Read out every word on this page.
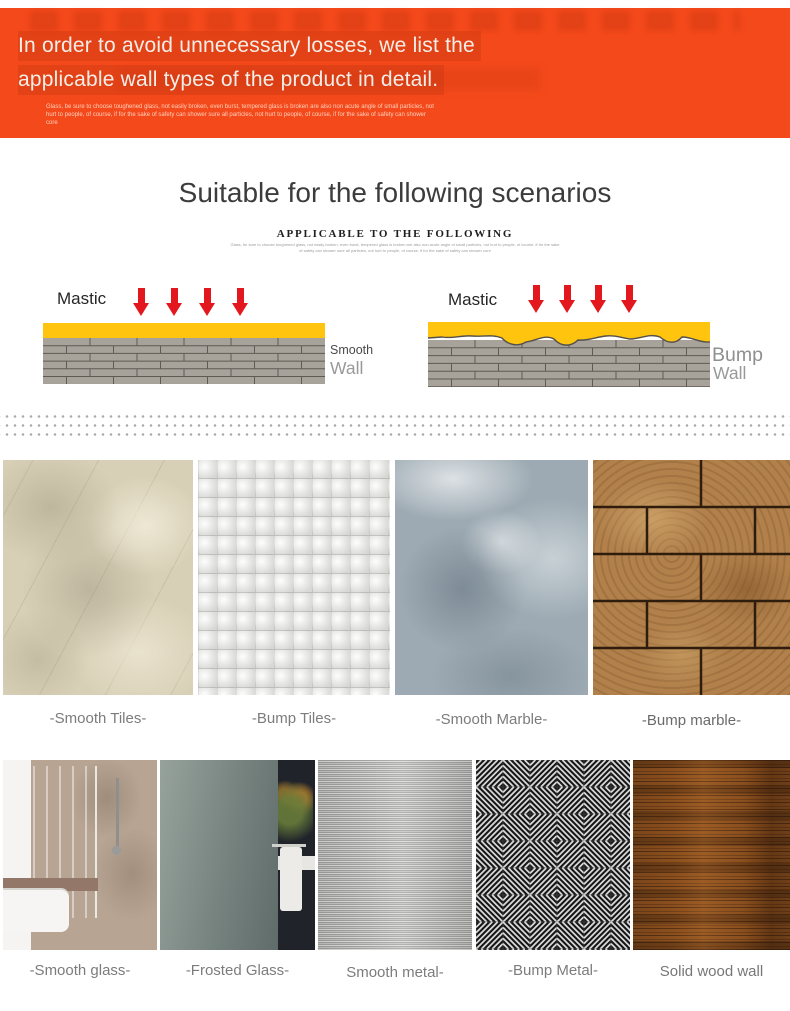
In order to avoid unnecessary losses, we list the
applicable wall types of the product in detail.
Glass, be sure to choose toughened glass, not easily broken, even burst, tempered glass is broken are also non acute angle of small particles, not hurt to people, of course, if for the sake of safety can shower sure all particles, not hurt to people, of course, if for the sake of safety can shower core
Suitable for the following scenarios
APPLICABLE TO THE FOLLOWING
Glass, be sure to choose toughened glass, not easily broken, even burst, tempered glass is broken are also non acute angle of small particles, not hurt to people, of course, if for the sake of safety can shower sure all particles, not hurt to people, of course, if for the sake of safety can shower core
Mastic
Smooth
Wall
Mastic
Bump
Wall
-Smooth Tiles-	-Bump Tiles-	-Smooth Marble-	-Bump marble-
-Smooth glass-	-Frosted Glass-	Smooth metal-	-Bump Metal-	Solid wood wall
